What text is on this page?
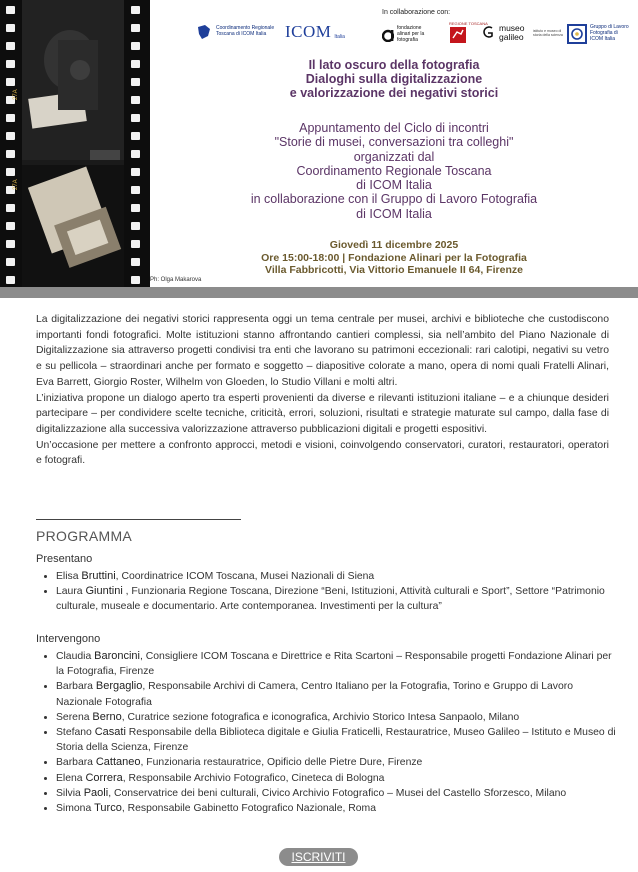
27A
27A
In collaborazione con:
Coordinamento Regionale Toscana di ICOM Italia	ICOM Italia
fondazione alinari per la fotografia
REGIONE TOSCANA museo galileo
istituto e museo di storia della scienza
Gruppo di Lavoro Fotografia di ICOM Italia
Il lato oscuro della fotografia
Dialoghi sulla digitalizzazione
e valorizzazione dei negativi storici
Appuntamento del Ciclo di incontri
"Storie di musei, conversazioni tra colleghi"
organizzati dal
Coordinamento Regionale Toscana
di ICOM Italia
in collaborazione con il Gruppo di Lavoro Fotografia
di ICOM Italia
Giovedì 11 dicembre 2025
Ore 15:00-18:00 | Fondazione Alinari per la Fotografia
Villa Fabbricotti, Via Vittorio Emanuele II 64, Firenze
Ph: Olga Makarova

La digitalizzazione dei negativi storici rappresenta oggi un tema centrale per musei, archivi e biblioteche che custodiscono importanti fondi fotografici. Molte istituzioni stanno affrontando cantieri complessi, sia nell’ambito del Piano Nazionale di Digitalizzazione sia attraverso progetti condivisi tra enti che lavorano su patrimoni eccezionali: rari calotipi, negativi su vetro e su pellicola – straordinari anche per formato e soggetto – diapositive colorate a mano, opera di nomi quali Fratelli Alinari, Eva Barrett, Giorgio Roster, Wilhelm von Gloeden, lo Studio Villani e molti altri.

L’iniziativa propone un dialogo aperto tra esperti provenienti da diverse e rilevanti istituzioni italiane – e a chiunque desideri partecipare – per condividere scelte tecniche, criticità, errori, soluzioni, risultati e strategie maturate sul campo, dalla fase di digitalizzazione alla successiva valorizzazione attraverso pubblicazioni digitali e progetti espositivi.

Un’occasione per mettere a confronto approcci, metodi e visioni, coinvolgendo conservatori, curatori, restauratori, operatori e fotografi.

PROGRAMMA
Presentano
• Elisa Bruttini, Coordinatrice ICOM Toscana, Musei Nazionali di Siena
• Laura Giuntini , Funzionaria Regione Toscana, Direzione “Beni, Istituzioni, Attività culturali e Sport”, Settore “Patrimonio culturale, museale e documentario. Arte contemporanea. Investimenti per la cultura”
Intervengono
• Claudia Baroncini, Consigliere ICOM Toscana e Direttrice e Rita Scartoni – Responsabile progetti Fondazione Alinari per la Fotografia, Firenze
• Barbara Bergaglio, Responsabile Archivi di Camera, Centro Italiano per la Fotografia, Torino e Gruppo di Lavoro Nazionale Fotografia
• Serena Berno, Curatrice sezione fotografica e iconografica, Archivio Storico Intesa Sanpaolo, Milano
• Stefano Casati Responsabile della Biblioteca digitale e Giulia Fraticelli, Restauratrice, Museo Galileo – Istituto e Museo di Storia della Scienza, Firenze
• Barbara Cattaneo, Funzionaria restauratrice, Opificio delle Pietre Dure, Firenze
• Elena Correra, Responsabile Archivio Fotografico, Cineteca di Bologna
• Silvia Paoli, Conservatrice dei beni culturali, Civico Archivio Fotografico – Musei del Castello Sforzesco, Milano
• Simona Turco, Responsabile Gabinetto Fotografico Nazionale, Roma
ISCRIVITI
